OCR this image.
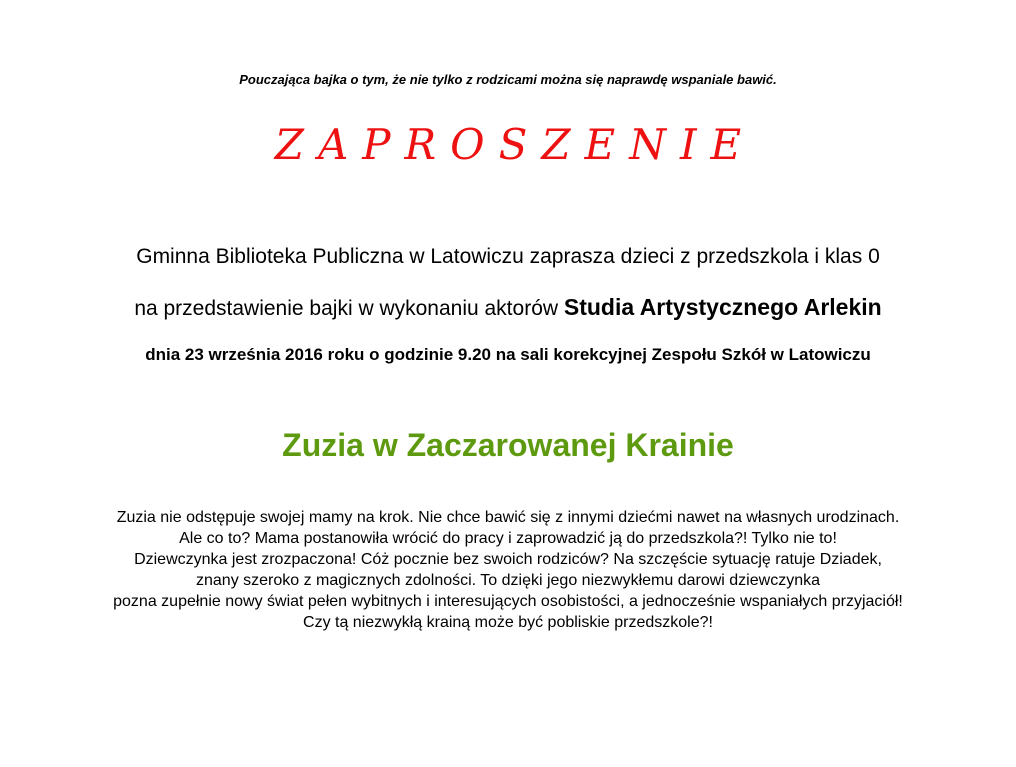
Pouczająca bajka o tym, że nie tylko z rodzicami można się naprawdę wspaniale bawić.
ZAPROSZENIE
Gminna Biblioteka Publiczna w Latowiczu zaprasza dzieci z przedszkola i klas 0
na przedstawienie bajki w wykonaniu aktorów Studia Artystycznego Arlekin
dnia 23 września 2016 roku o godzinie 9.20 na sali korekcyjnej Zespołu Szkół w Latowiczu
Zuzia w Zaczarowanej Krainie
Zuzia nie odstępuje swojej mamy na krok. Nie chce bawić się z innymi dziećmi nawet na własnych urodzinach.
Ale co to? Mama postanowiła wrócić do pracy i zaprowadzić ją do przedszkola?! Tylko nie to!
Dziewczynka jest zrozpaczona! Cóż pocznie bez swoich rodziców? Na szczęście sytuację ratuje Dziadek,
znany szeroko z magicznych zdolności. To dzięki jego niezwykłemu darowi dziewczynka
pozna zupełnie nowy świat pełen wybitnych i interesujących osobistości, a jednocześnie wspaniałych przyjaciół!
Czy tą niezwykłą krainą może być pobliskie przedszkole?!
